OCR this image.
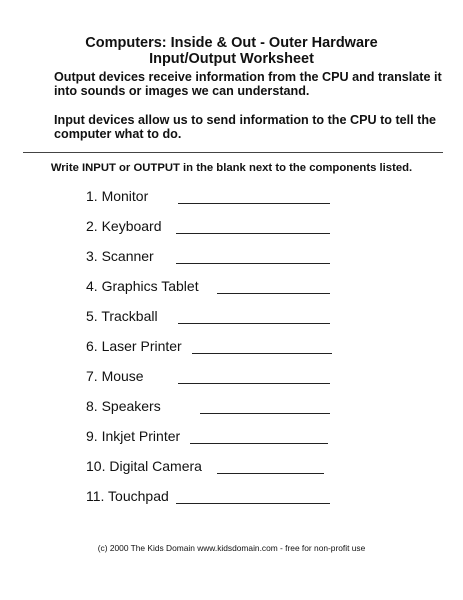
Computers: Inside & Out - Outer Hardware
Input/Output Worksheet
Output devices receive information from the CPU and translate it into sounds or images we can understand.
Input devices allow us to send information to the CPU to tell the computer what to do.
Write INPUT or OUTPUT in the blank next to the components listed.
1. Monitor
2. Keyboard
3. Scanner
4. Graphics Tablet
5. Trackball
6. Laser Printer
7. Mouse
8. Speakers
9. Inkjet Printer
10. Digital Camera
11. Touchpad
(c) 2000 The Kids Domain www.kidsdomain.com - free for non-profit use
